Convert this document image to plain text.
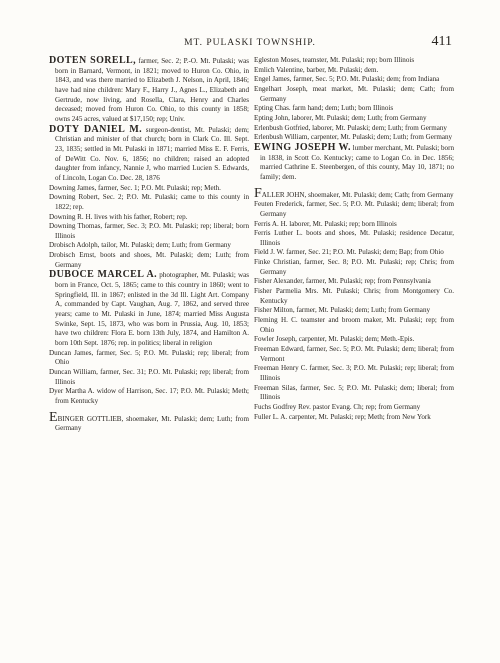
MT. PULASKI TOWNSHIP.	411

DOTEN SORELL, farmer, Sec. 2; P.-O. Mt. Pulaski; was born in Barnard, Vermont, in 1821; moved to Huron Co. Ohio, in 1843, and was there married to Elizabeth J. Nelson, in April, 1846; have had nine children: Mary F., Harry J., Agnes L., Elizabeth and Gertrude, now living, and Rosella, Clara, Henry and Charles deceased; moved from Huron Co. Ohio, to this county in 1858; owns 245 acres, valued at $17,150; rep; Univ.

DOTY DANIEL M. surgeon-dentist, Mt. Pulaski; dem; Christian and minister of that church; born in Clark Co. Ill. Sept. 23, 1835; settled in Mt. Pulaski in 1871; married Miss E. F. Ferris, of DeWitt Co. Nov. 6, 1856; no children; raised an adopted daughter from infancy, Nannie J, who married Lucien S. Edwards, of Lincoln, Logan Co. Dec. 28, 1876

Downing James, farmer, Sec. 1; P.O. Mt. Pulaski; rep; Meth.

Downing Robert, Sec. 2; P.O. Mt. Pulaski; came to this county in 1822; rep.

Downing R. H. lives with his father, Robert; rep.

Downing Thomas, farmer, Sec. 3; P.O. Mt. Pulaski; rep; liberal; born Illinois

Drobisch Adolph, tailor, Mt. Pulaski; dem; Luth; from Germany

Drobisch Ernst, boots and shoes, Mt. Pulaski; dem; Luth; from Germany

DUBOCE MARCEL A. photographer, Mt. Pulaski; was born in France, Oct. 5, 1865; came to this country in 1860; went to Springfield, Ill. in 1867; enlisted in the 3d Ill. Light Art. Company A, commanded by Capt. Vaughan, Aug. 7, 1862, and served three years; came to Mt. Pulaski in June, 1874; married Miss Augusta Swinke, Sept. 15, 1873, who was born in Prussia, Aug. 10, 1853; have two children: Flora E. born 13th July, 1874, and Hamilton A. born 10th Sept. 1876; rep. in politics; liberal in religion

Duncan James, farmer, Sec. 5; P.O. Mt. Pulaski; rep; liberal; from Ohio

Duncan William, farmer, Sec. 31; P.O. Mt. Pulaski; rep; liberal; from Illinois

Dyer Martha A. widow of Harrison, Sec. 17; P.O. Mt. Pulaski; Meth; from Kentucky

EBINGER GOTTLIEB, shoemaker, Mt. Pulaski; dem; Luth; from Germany

Egleston Moses, teamster, Mt. Pulaski; rep; born Illinois

Emlich Valentine, barber, Mt. Pulaski; dem.

Engel James, farmer, Sec. 5; P.O. Mt. Pulaski; dem; from Indiana

Engelhart Joseph, meat market, Mt. Pulaski; dem; Cath; from Germany

Epting Chas. farm hand; dem; Luth; born Illinois

Epting John, laborer, Mt. Pulaski; dem; Luth; from Germany

Erlenbush Gotfried, laborer, Mt. Pulaski; dem; Luth; from Germany

Erlenbush William, carpenter, Mt. Pulaski; dem; Luth; from Germany

EWING JOSEPH W. lumber merchant, Mt. Pulaski; born in 1838, in Scott Co. Kentucky; came to Logan Co. in Dec. 1856; married Cathrine E. Steenbergen, of this county, May 10, 1871; no family; dem.

FALLER JOHN, shoemaker, Mt. Pulaski; dem; Cath; from Germany

Feuten Frederick, farmer, Sec. 5; P.O. Mt. Pulaski; dem; liberal; from Germany

Ferris A. H. laborer, Mt. Pulaski; rep; born Illinois

Ferris Luther L. boots and shoes, Mt. Pulaski; residence Decatur, Illinois

Field J. W. farmer, Sec. 21; P.O. Mt. Pulaski; dem; Bap; from Ohio

Finke Christian, farmer, Sec. 8; P.O. Mt. Pulaski; rep; Chris; from Germany

Fisher Alexander, farmer, Mt. Pulaski; rep; from Pennsylvania

Fisher Parmelia Mrs. Mt. Pulaski; Chris; from Montgomery Co. Kentucky

Fisher Milton, farmer, Mt. Pulaski; dem; Luth; from Germany

Fleming H. C. teamster and broom maker, Mt. Pulaski; rep; from Ohio

Fowler Joseph, carpenter, Mt. Pulaski; dem; Meth.-Epis.

Freeman Edward, farmer, Sec. 5; P.O. Mt. Pulaski; dem; liberal; from Vermont

Freeman Henry C. farmer, Sec. 3; P.O. Mt. Pulaski; rep; liberal; from Illinois

Freeman Silas, farmer, Sec. 5; P.O. Mt. Pulaski; dem; liberal; from Illinois

Fuchs Godfrey Rev. pastor Evang. Ch; rep; from Germany

Fuller L. A. carpenter, Mt. Pulaski; rep; Meth; from New York
